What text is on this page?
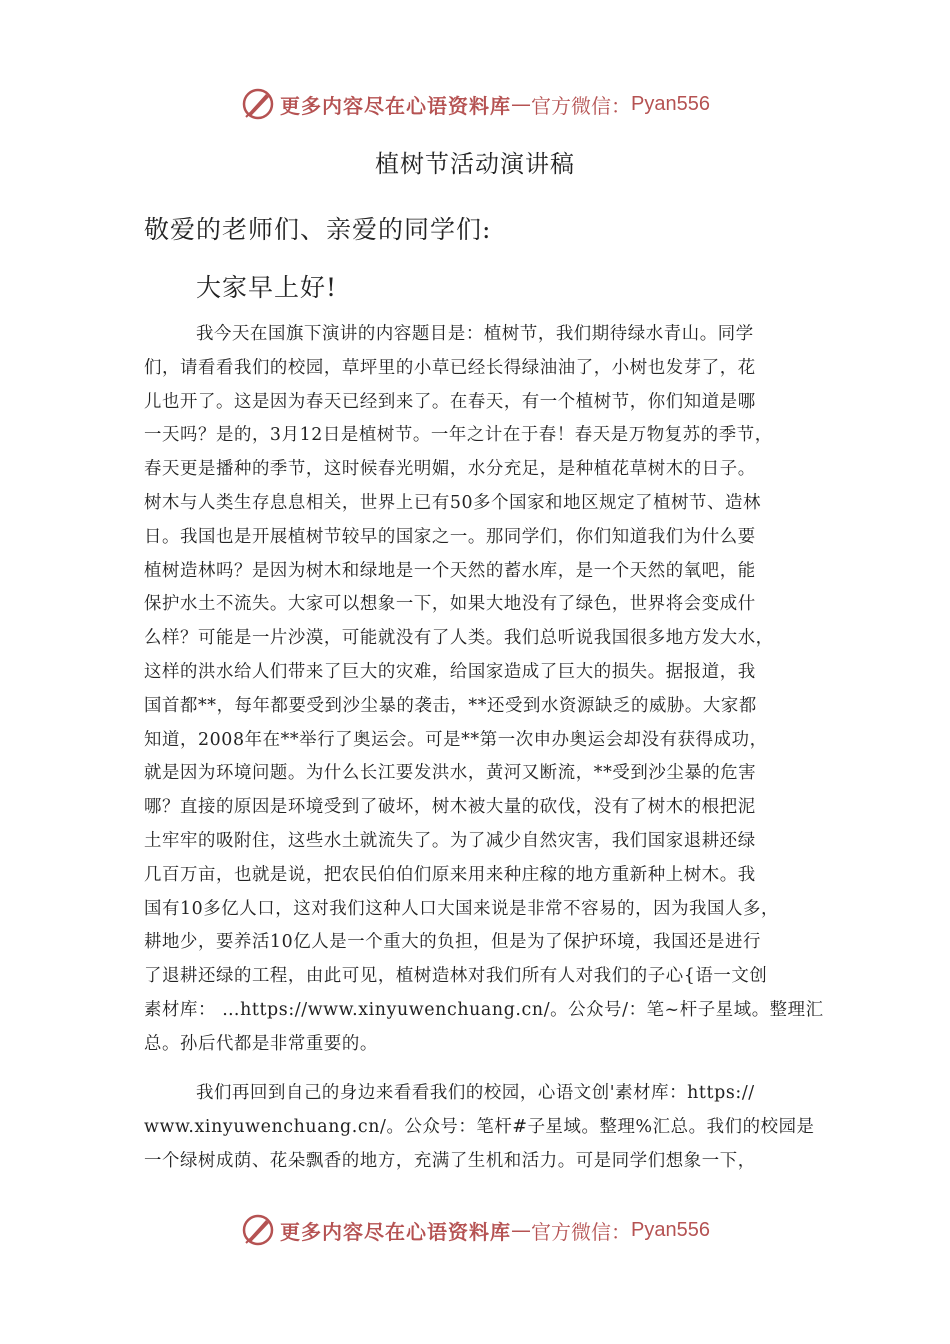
更多内容尽在心语资料库 — 官方微信： Pyan556
植树节活动演讲稿
敬爱的老师们、亲爱的同学们:
大家早上好!
我今天在国旗下演讲的内容题目是：植树节，我们期待绿水青山。同学
们，请看看我们的校园，草坪里的小草已经长得绿油油了，小树也发芽了，花
儿也开了。这是因为春天已经到来了。在春天，有一个植树节，你们知道是哪
一天吗？是的，3月12日是植树节。一年之计在于春！春天是万物复苏的季节，
春天更是播种的季节，这时候春光明媚，水分充足，是种植花草树木的日子。
树木与人类生存息息相关，世界上已有50多个国家和地区规定了植树节、造林
日。我国也是开展植树节较早的国家之一。那同学们，你们知道我们为什么要
植树造林吗？是因为树木和绿地是一个天然的蓄水库，是一个天然的氧吧，能
保护水土不流失。大家可以想象一下，如果大地没有了绿色，世界将会变成什
么样？可能是一片沙漠，可能就没有了人类。我们总听说我国很多地方发大水，
这样的洪水给人们带来了巨大的灾难，给国家造成了巨大的损失。据报道，我
国首都**，每年都要受到沙尘暴的袭击，**还受到水资源缺乏的威胁。大家都
知道，2008年在**举行了奥运会。可是**第一次申办奥运会却没有获得成功，
就是因为环境问题。为什么长江要发洪水，黄河又断流，**受到沙尘暴的危害
哪？直接的原因是环境受到了破坏，树木被大量的砍伐，没有了树木的根把泥
土牢牢的吸附住，这些水土就流失了。为了减少自然灾害，我们国家退耕还绿
几百万亩，也就是说，把农民伯伯们原来用来种庄稼的地方重新种上树木。我
国有10多亿人口，这对我们这种人口大国来说是非常不容易的，因为我国人多，
耕地少，要养活10亿人是一个重大的负担，但是为了保护环境，我国还是进行
了退耕还绿的工程，由此可见，植树造林对我们所有人对我们的子心{语一文创
素材库： …https://www.xinyuwenchuang.cn/。公众号/：笔~杆子星域。整理汇
总。孙后代都是非常重要的。
我们再回到自己的身边来看看我们的校园，心语文创'素材库：https://
www.xinyuwenchuang.cn/。公众号：笔杆#子星域。整理%汇总。我们的校园是
一个绿树成荫、花朵飘香的地方，充满了生机和活力。可是同学们想象一下，
更多内容尽在心语资料库 — 官方微信： Pyan556
